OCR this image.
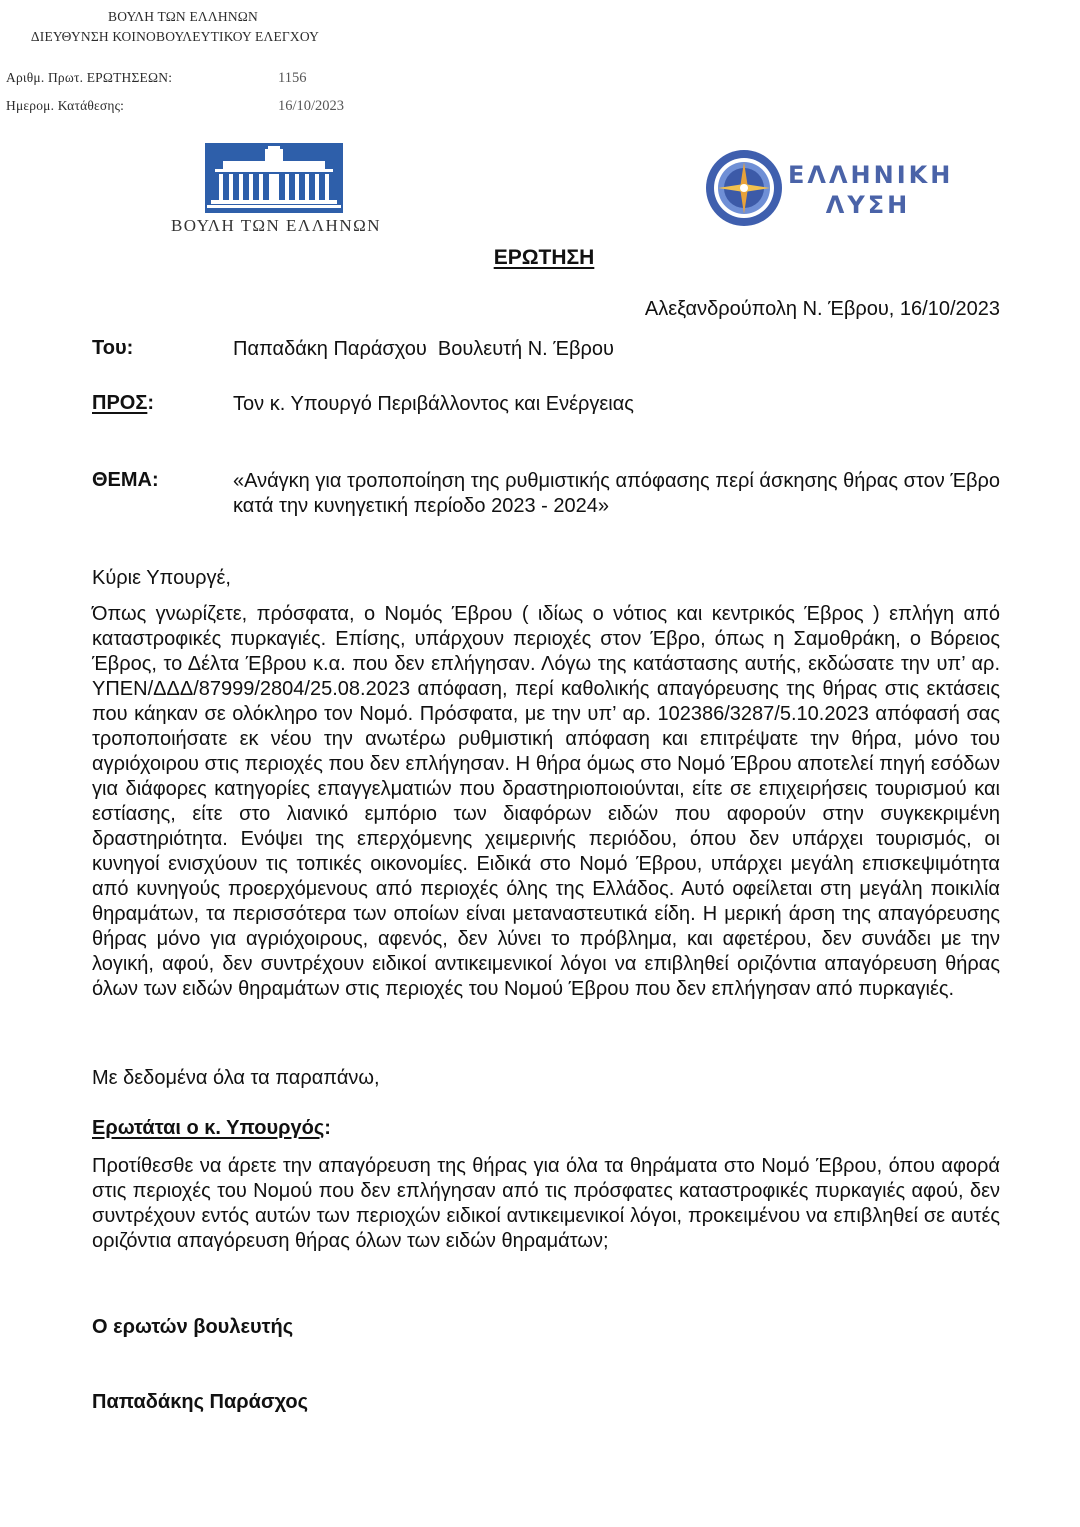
ΒΟΥΛΗ ΤΩΝ ΕΛΛΗΝΩΝ
ΔΙΕΥΘΥΝΣΗ ΚΟΙΝΟΒΟΥΛΕΥΤΙΚΟΥ ΕΛΕΓΧΟΥ
Αριθμ. Πρωτ. ΕΡΩΤΗΣΕΩΝ:	1156
Ημερομ. Κατάθεσης:	16/10/2023
ΒΟΥΛΗ ΤΩΝ ΕΛΛΗΝΩΝ
ΕΛΛΗΝΙΚΗ
ΛΥΣΗ
ΕΡΩΤΗΣΗ
Αλεξανδρούπολη Ν. Έβρου, 16/10/2023
Του:	Παπαδάκη Παράσχου  Βουλευτή Ν. Έβρου
ΠΡΟΣ:	Τον κ. Υπουργό Περιβάλλοντος και Ενέργειας
ΘΕΜΑ:	«Ανάγκη για τροποποίηση της ρυθμιστικής απόφασης περί άσκησης θήρας στον Έβρο κατά την κυνηγετική περίοδο 2023 - 2024»
Κύριε Υπουργέ,
Όπως γνωρίζετε, πρόσφατα, ο Νομός Έβρου ( ιδίως ο νότιος και κεντρικός Έβρος ) επλήγη από καταστροφικές πυρκαγιές. Επίσης, υπάρχουν περιοχές στον Έβρο, όπως η Σαμοθράκη, ο Βόρειος Έβρος, το Δέλτα Έβρου κ.α. που δεν επλήγησαν. Λόγω της κατάστασης αυτής, εκδώσατε την υπ’ αρ. ΥΠΕΝ/ΔΔΔ/87999/2804/25.08.2023 απόφαση, περί καθολικής απαγόρευσης της θήρας στις εκτάσεις που κάηκαν σε ολόκληρο τον Νομό. Πρόσφατα, με την υπ’ αρ. 102386/3287/5.10.2023 απόφασή σας τροποποιήσατε εκ νέου την ανωτέρω ρυθμιστική απόφαση και επιτρέψατε την θήρα, μόνο του αγριόχοιρου στις περιοχές που δεν επλήγησαν. Η θήρα όμως στο Νομό Έβρου αποτελεί πηγή εσόδων για διάφορες κατηγορίες επαγγελματιών που δραστηριοποιούνται, είτε σε επιχειρήσεις τουρισμού και εστίασης, είτε στο λιανικό εμπόριο των διαφόρων ειδών που αφορούν στην συγκεκριμένη δραστηριότητα. Ενόψει της επερχόμενης χειμερινής περιόδου, όπου δεν υπάρχει τουρισμός, οι κυνηγοί ενισχύουν τις τοπικές οικονομίες. Ειδικά στο Νομό Έβρου, υπάρχει μεγάλη επισκεψιμότητα από κυνηγούς προερχόμενους από περιοχές όλης της Ελλάδος. Αυτό οφείλεται στη μεγάλη ποικιλία θηραμάτων, τα περισσότερα των οποίων είναι μεταναστευτικά είδη. Η μερική άρση της απαγόρευσης θήρας μόνο για αγριόχοιρους, αφενός, δεν λύνει το πρόβλημα, και αφετέρου, δεν συνάδει με την λογική, αφού, δεν συντρέχουν ειδικοί αντικειμενικοί λόγοι να επιβληθεί οριζόντια απαγόρευση θήρας όλων των ειδών θηραμάτων στις περιοχές του Νομού Έβρου που δεν επλήγησαν από πυρκαγιές.
Με δεδομένα όλα τα παραπάνω,
Ερωτάται ο κ. Υπουργός:
Προτίθεσθε να άρετε την απαγόρευση της θήρας για όλα τα θηράματα στο Νομό Έβρου, όπου αφορά στις περιοχές του Νομού που δεν επλήγησαν από τις πρόσφατες καταστροφικές πυρκαγιές αφού, δεν συντρέχουν εντός αυτών των περιοχών ειδικοί αντικειμενικοί λόγοι, προκειμένου να επιβληθεί σε αυτές οριζόντια απαγόρευση θήρας όλων των ειδών θηραμάτων;
Ο ερωτών βουλευτής
Παπαδάκης Παράσχος
